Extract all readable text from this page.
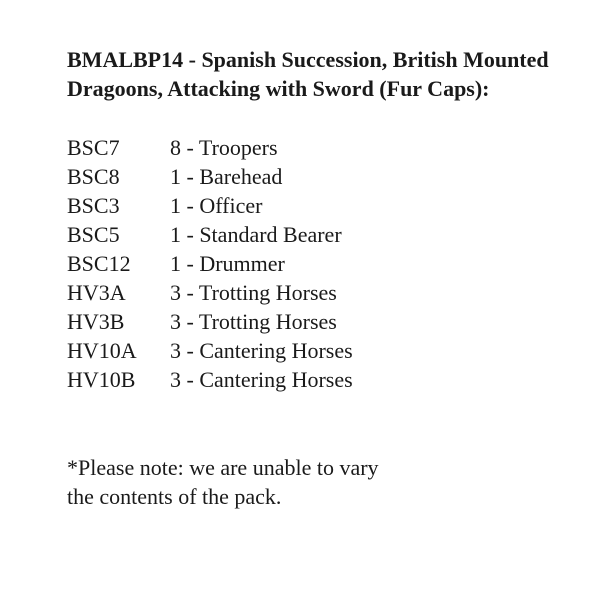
BMALBP14 - Spanish Succession, British Mounted
Dragoons, Attacking with Sword (Fur Caps):
BSC7	8 - Troopers
BSC8	1 - Barehead
BSC3	1 - Officer
BSC5	1 - Standard Bearer
BSC12	1 - Drummer
HV3A	3 - Trotting Horses
HV3B	3 - Trotting Horses
HV10A	3 - Cantering Horses
HV10B	3 - Cantering Horses
*Please note: we are unable to vary
the contents of the pack.
